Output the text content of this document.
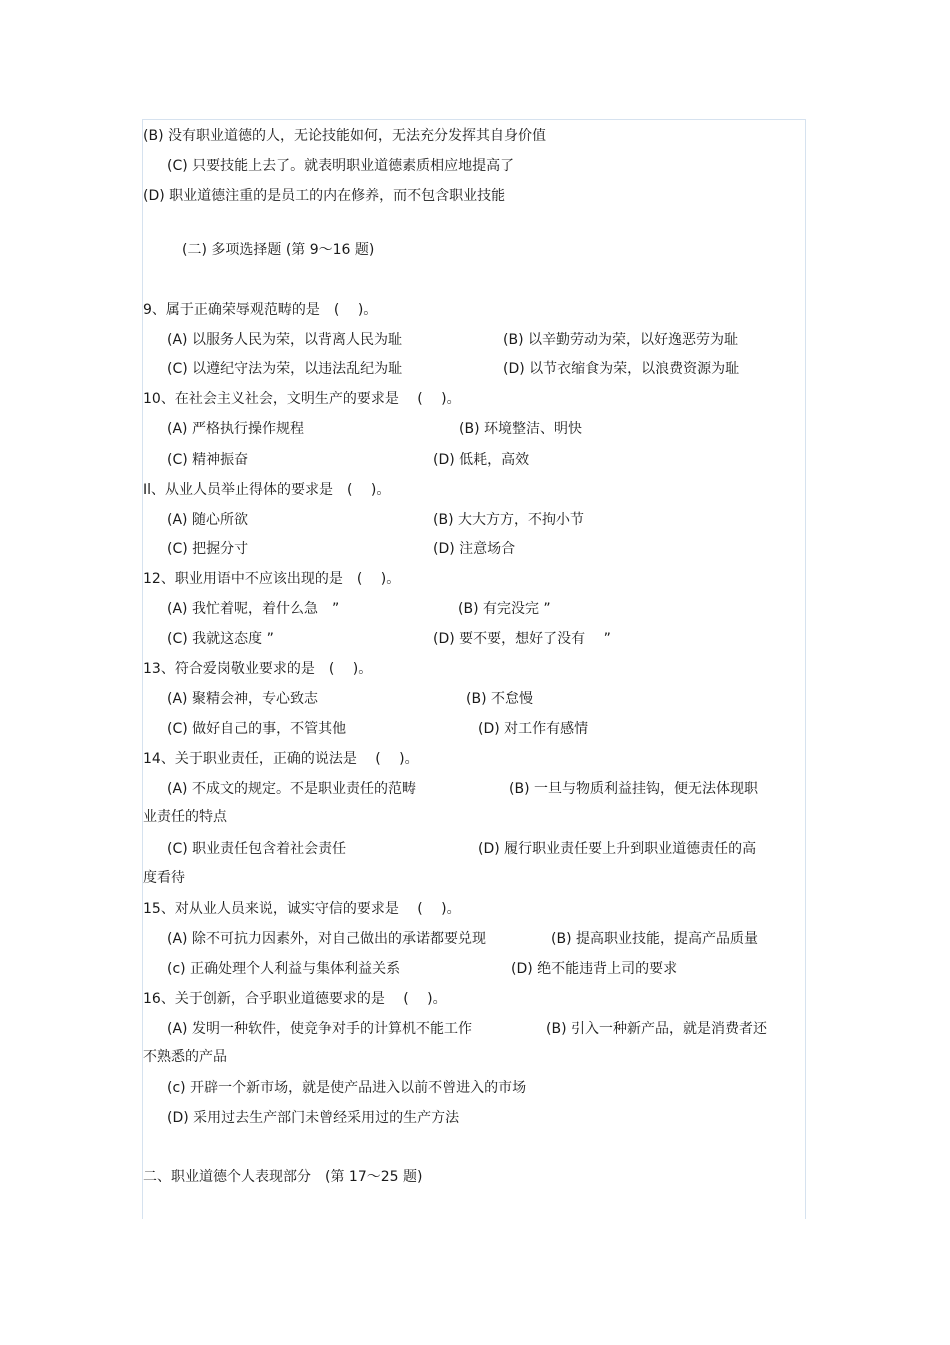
(B) 没有职业道德的人，无论技能如何，无法充分发挥其自身价值

(C) 只要技能上去了。就表明职业道德素质相应地提高了

(D) 职业道德注重的是员工的内在修养，而不包含职业技能

(二) 多项选择题 (第 9～16 题)

9、属于正确荣辱观范畴的是　(　 )。

(A) 以服务人民为荣，以背离人民为耻	(B) 以辛勤劳动为荣，以好逸恶劳为耻

(C) 以遵纪守法为荣，以违法乱纪为耻	(D) 以节衣缩食为荣，以浪费资源为耻

10、在社会主义社会，文明生产的要求是　 (　 )。

(A) 严格执行操作规程	(B) 环境整洁、明快

(C) 精神振奋	(D) 低耗，高效

Il、从业人员举止得体的要求是　(　 )。

(A) 随心所欲	(B) 大大方方，不拘小节

(C) 把握分寸	(D) 注意场合

12、职业用语中不应该出现的是　(　 )。

(A) 我忙着呢，着什么急　”	(B) 有完没完 ”

(C) 我就这态度 ”	(D) 要不要，想好了没有　 ”

13、符合爱岗敬业要求的是　(　 )。

(A) 聚精会神，专心致志	(B) 不怠慢

(C) 做好自己的事，不管其他	(D) 对工作有感情

14、关于职业责任，正确的说法是　 (　 )。

(A) 不成文的规定。不是职业责任的范畴	(B) 一旦与物质利益挂钩，便无法体现职

业责任的特点

(C) 职业责任包含着社会责任	(D) 履行职业责任要上升到职业道德责任的高

度看待

15、对从业人员来说，诚实守信的要求是　 (　 )。

(A) 除不可抗力因素外，对自己做出的承诺都要兑现	(B) 提高职业技能，提高产品质量

(c) 正确处理个人利益与集体利益关系	(D) 绝不能违背上司的要求

16、关于创新，合乎职业道德要求的是　 (　 )。

(A) 发明一种软件，使竞争对手的计算机不能工作	(B) 引入一种新产品，就是消费者还

不熟悉的产品

(c) 开辟一个新市场，就是使产品进入以前不曾进入的市场

(D) 采用过去生产部门未曾经采用过的生产方法

二、职业道德个人表现部分　(第 17～25 题)
